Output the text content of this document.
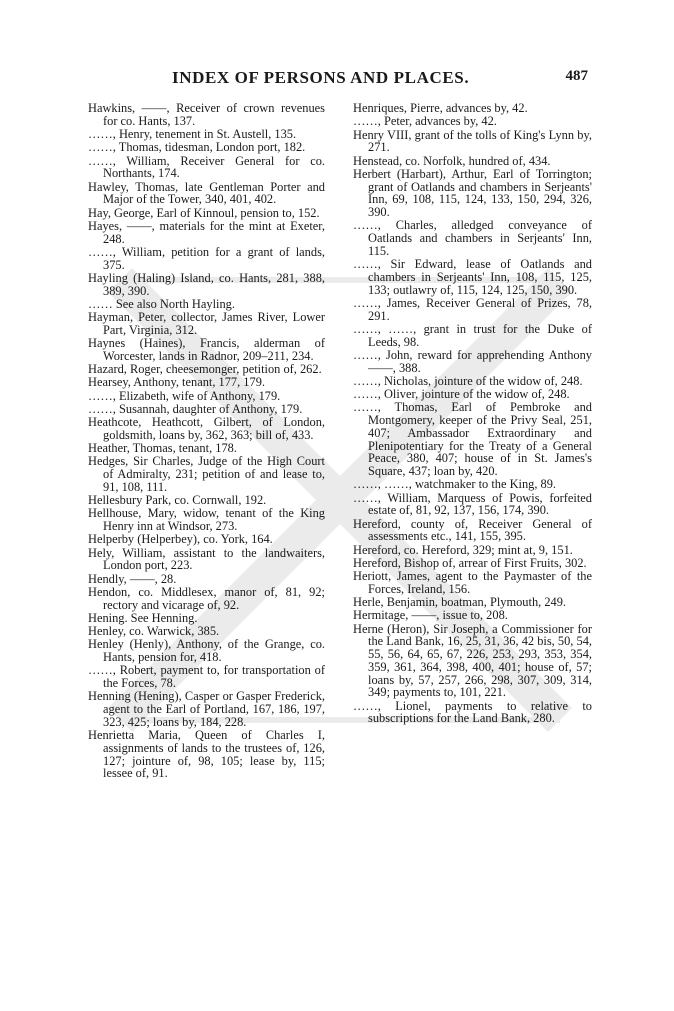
INDEX OF PERSONS AND PLACES.	487

Hawkins, ——, Receiver of crown revenues for co. Hants, 137.

……, Henry, tenement in St. Austell, 135.

……, Thomas, tidesman, London port, 182.

……, William, Receiver General for co. Northants, 174.

Hawley, Thomas, late Gentleman Porter and Major of the Tower, 340, 401, 402.

Hay, George, Earl of Kinnoul, pension to, 152.

Hayes, ——, materials for the mint at Exeter, 248.

……, William, petition for a grant of lands, 375.

Hayling (Haling) Island, co. Hants, 281, 388, 389, 390.

…… See also North Hayling.

Hayman, Peter, collector, James River, Lower Part, Virginia, 312.

Haynes (Haines), Francis, alderman of Worcester, lands in Radnor, 209–211, 234.

Hazard, Roger, cheesemonger, petition of, 262.

Hearsey, Anthony, tenant, 177, 179.

……, Elizabeth, wife of Anthony, 179.

……, Susannah, daughter of Anthony, 179.

Heathcote, Heathcott, Gilbert, of London, goldsmith, loans by, 362, 363; bill of, 433.

Heather, Thomas, tenant, 178.

Hedges, Sir Charles, Judge of the High Court of Admiralty, 231; petition of and lease to, 91, 108, 111.

Hellesbury Park, co. Cornwall, 192.

Hellhouse, Mary, widow, tenant of the King Henry inn at Windsor, 273.

Helperby (Helperbey), co. York, 164.

Hely, William, assistant to the landwaiters, London port, 223.

Hendly, ——, 28.

Hendon, co. Middlesex, manor of, 81, 92; rectory and vicarage of, 92.

Hening. See Henning.

Henley, co. Warwick, 385.

Henley (Henly), Anthony, of the Grange, co. Hants, pension for, 418.

……, Robert, payment to, for transportation of the Forces, 78.

Henning (Hening), Casper or Gasper Frederick, agent to the Earl of Portland, 167, 186, 197, 323, 425; loans by, 184, 228.

Henrietta Maria, Queen of Charles I, assignments of lands to the trustees of, 126, 127; jointure of, 98, 105; lease by, 115; lessee of, 91.

Henriques, Pierre, advances by, 42.

……, Peter, advances by, 42.

Henry VIII, grant of the tolls of King's Lynn by, 271.

Henstead, co. Norfolk, hundred of, 434.

Herbert (Harbart), Arthur, Earl of Torrington; grant of Oatlands and chambers in Serjeants' Inn, 69, 108, 115, 124, 133, 150, 294, 326, 390.

……, Charles, alledged conveyance of Oatlands and chambers in Serjeants' Inn, 115.

……, Sir Edward, lease of Oatlands and chambers in Serjeants' Inn, 108, 115, 125, 133; outlawry of, 115, 124, 125, 150, 390.

……, James, Receiver General of Prizes, 78, 291.

……, ……, grant in trust for the Duke of Leeds, 98.

……, John, reward for apprehending Anthony ——, 388.

……, Nicholas, jointure of the widow of, 248.

……, Oliver, jointure of the widow of, 248.

……, Thomas, Earl of Pembroke and Montgomery, keeper of the Privy Seal, 251, 407; Ambassador Extraordinary and Plenipotentiary for the Treaty of a General Peace, 380, 407; house of in St. James's Square, 437; loan by, 420.

……, ……, watchmaker to the King, 89.

……, William, Marquess of Powis, forfeited estate of, 81, 92, 137, 156, 174, 390.

Hereford, county of, Receiver General of assessments etc., 141, 155, 395.

Hereford, co. Hereford, 329; mint at, 9, 151.

Hereford, Bishop of, arrear of First Fruits, 302.

Heriott, James, agent to the Paymaster of the Forces, Ireland, 156.

Herle, Benjamin, boatman, Plymouth, 249.

Hermitage, ——, issue to, 208.

Herne (Heron), Sir Joseph, a Commissioner for the Land Bank, 16, 25, 31, 36, 42 bis, 50, 54, 55, 56, 64, 65, 67, 226, 253, 293, 353, 354, 359, 361, 364, 398, 400, 401; house of, 57; loans by, 57, 257, 266, 298, 307, 309, 314, 349; payments to, 101, 221.

……, Lionel, payments to relative to subscriptions for the Land Bank, 280.
